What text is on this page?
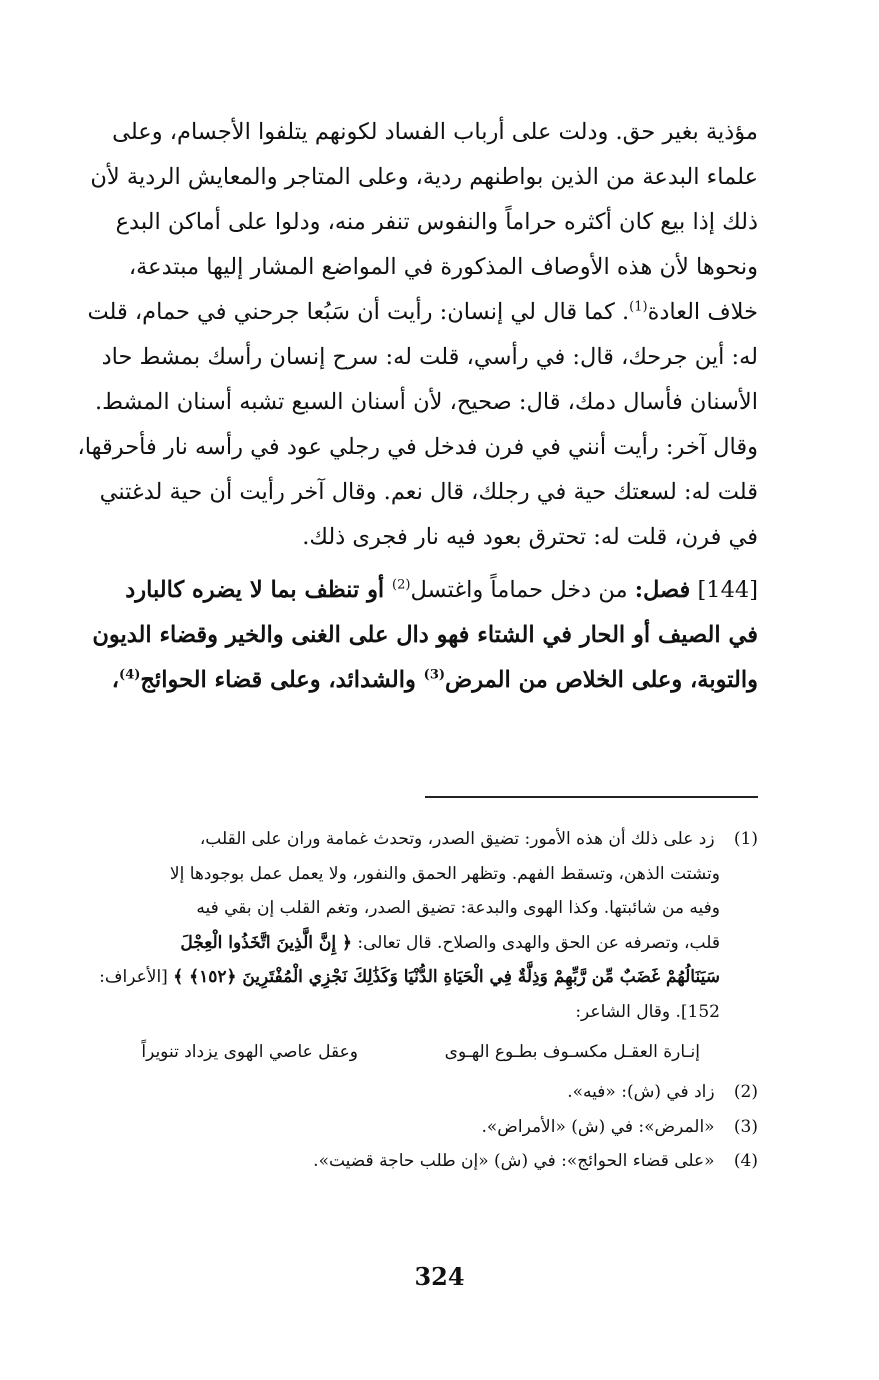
مؤذية بغير حق. ودلت على أرباب الفساد لكونهم يتلفوا الأجسام، وعلى
علماء البدعة من الذين بواطنهم ردية، وعلى المتاجر والمعايش الردية لأن
ذلك إذا بيع كان أكثره حراماً والنفوس تنفر منه، ودلوا على أماكن البدع
ونحوها لأن هذه الأوصاف المذكورة في المواضع المشار إليها مبتدعة،
خلاف العادة$^{(1)}$. كما قال لي إنسان: رأيت أن سَبُعا جرحني في حمام، قلت
له: أين جرحك، قال: في رأسي، قلت له: سرح إنسان رأسك بمشط حاد
الأسنان فأسال دمك، قال: صحيح، لأن أسنان السبع تشبه أسنان المشط.
وقال آخر: رأيت أنني في فرن فدخل في رجلي عود في رأسه نار فأحرقها،
قلت له: لسعتك حية في رجلك، قال نعم. وقال آخر رأيت أن حية لدغتني
في فرن، قلت له: تحترق بعود فيه نار فجرى ذلك.
[144] فصل: من دخل حماماً واغتسل$^{(2)}$ أو تنظف بما لا يضره كالبارد
في الصيف أو الحار في الشتاء فهو دال على الغنى والخير وقضاء الديون
والتوبة، وعلى الخلاص من المرض$^{(3)}$ والشدائد، وعلى قضاء الحوائج$^{(4)}$،
(1) زد على ذلك أن هذه الأمور: تضيق الصدر، وتحدث غمامة وران على القلب،
وتشتت الذهن، وتسقط الفهم. وتظهر الحمق والنفور، ولا يعمل عمل بوجودها إلا
وفيه من شائبتها. وكذا الهوى والبدعة: تضيق الصدر، وتغم القلب إن بقي فيه
قلب، وتصرفه عن الحق والهدى والصلاح. قال تعالى: ﴿ إِنَّ الَّذِينَ اتَّخَذُوا الْعِجْلَ
سَيَنَالُهُمْ غَضَبٌ مِّن رَّبِّهِمْ وَذِلَّةٌ فِي الْحَيَاةِ الدُّنْيَا وَكَذَٰلِكَ نَجْزِي الْمُفْتَرِينَ ﴿١٥٢﴾ ﴾ [الأعراف:
152]. وقال الشاعر:
إنـارة العقـل مكسـوف بطـوع الهـوى
وعقل عاصي الهوى يزداد تنويراً
(2) زاد في (ش): «فيه».
(3) «المرض»: في (ش) «الأمراض».
(4) «على قضاء الحوائج»: في (ش) «إن طلب حاجة قضيت».
324
